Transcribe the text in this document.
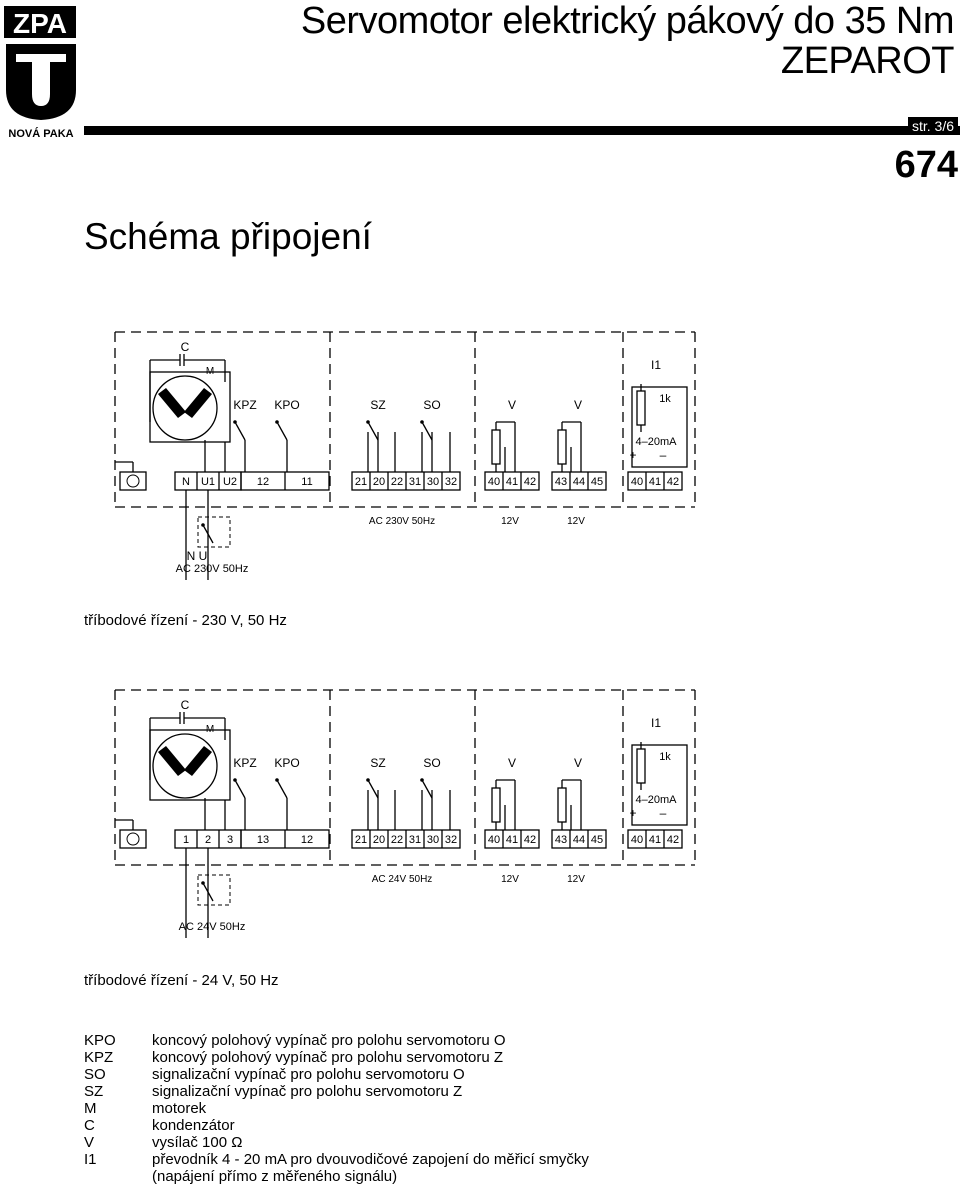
ZPA
NOVÁ PAKA
Servomotor elektrický pákový do 35 Nm
ZEPAROT
str. 3/6
674
Schéma připojení
C
M
KPZ KPO
N U1 U2 12	11
SZ	SO
21 20 22 31 30 32
V	V
40 41 42 43 44 45
I1
1k
4–20mA
+ –
40 41 42
AC 230V 50Hz	12V	12V
N U
AC 230V 50Hz
tříbodové řízení - 230 V, 50 Hz
C
M
KPZ KPO
1 2 3 13	12
SZ	SO
21 20 22 31 30 32
V	V
40 41 42 43 44 45
I1
1k
4–20mA
+ –
40 41 42
AC 24V 50Hz	12V	12V
AC 24V 50Hz
tříbodové řízení - 24 V, 50 Hz
KPO	koncový polohový vypínač pro polohu servomotoru O
KPZ	koncový polohový vypínač pro polohu servomotoru Z
SO	signalizační vypínač pro polohu servomotoru O
SZ	signalizační vypínač pro polohu servomotoru Z
M	motorek
C	kondenzátor
V	vysílač 100 Ω
I1	převodník 4 - 20 mA pro dvouvodičové zapojení do měřicí smyčky
(napájení přímo z měřeného signálu)
